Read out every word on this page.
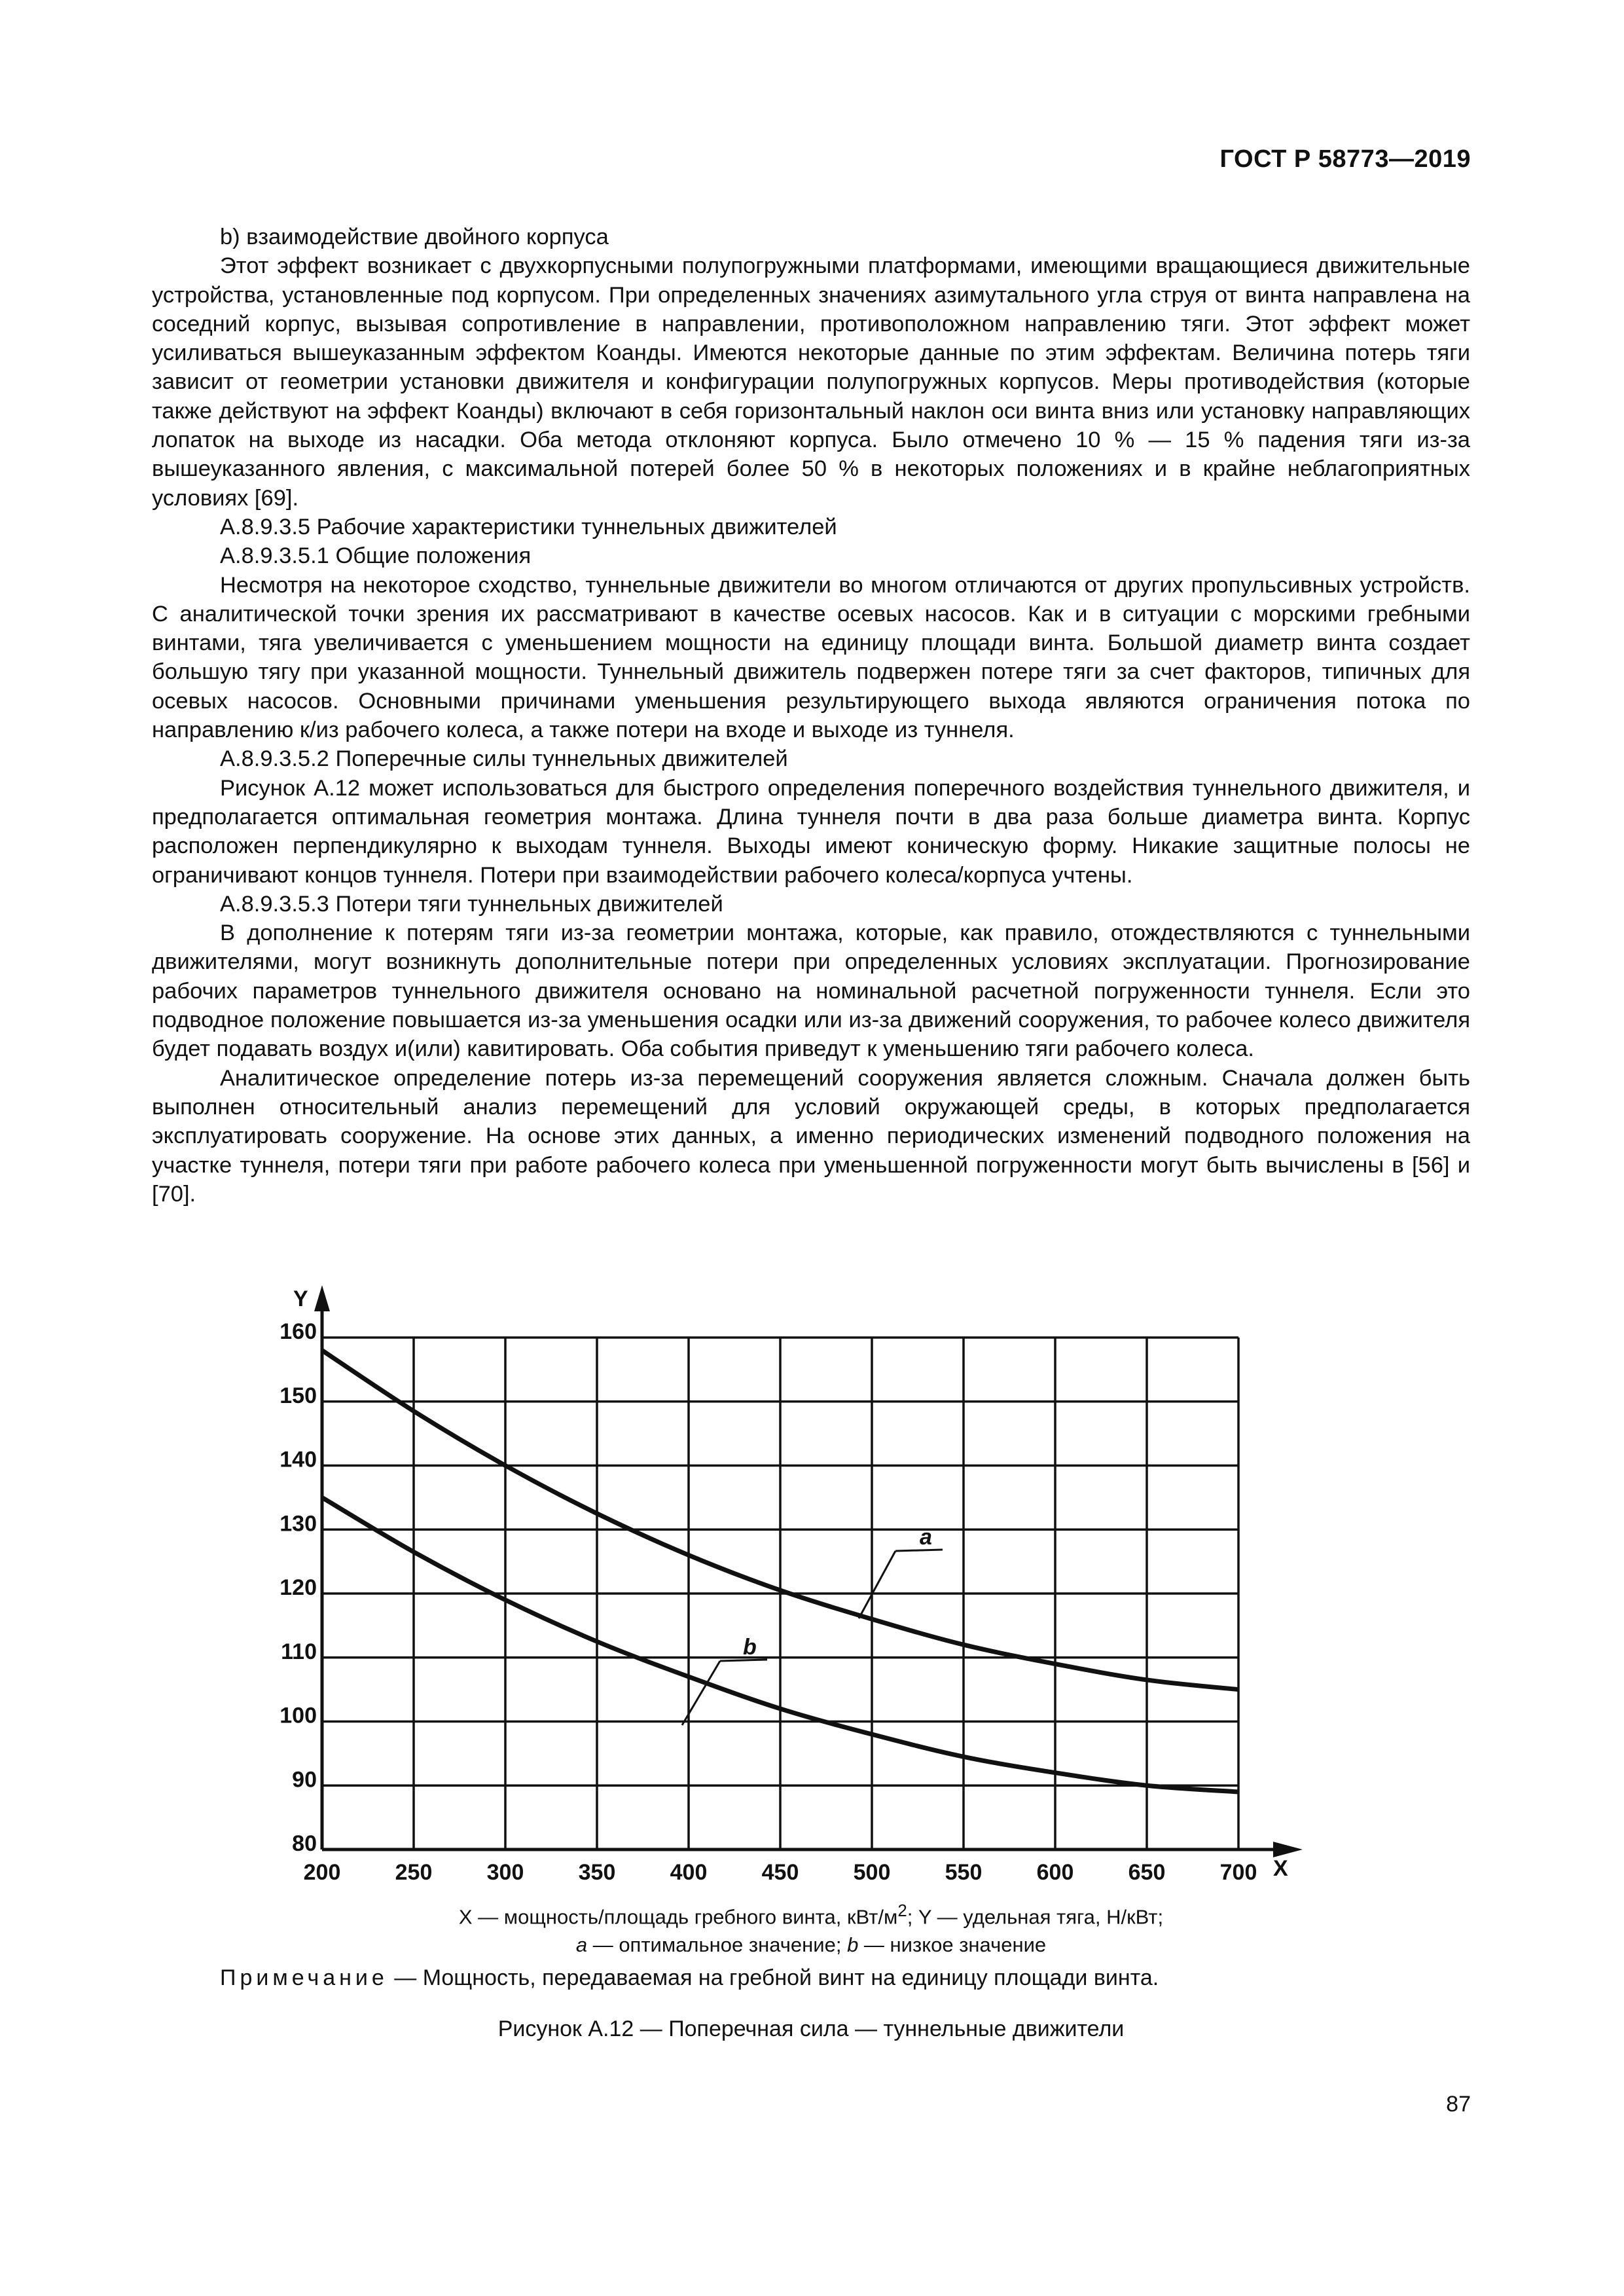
ГОСТ Р 58773—2019

b) взаимодействие двойного корпуса

Этот эффект возникает с двухкорпусными полупогружными платформами, имеющими вращающиеся движительные устройства, установленные под корпусом. При определенных значениях азимутального угла струя от винта направлена на соседний корпус, вызывая сопротивление в направлении, противоположном направлению тяги. Этот эффект может усиливаться вышеуказанным эффектом Коанды. Имеются некоторые данные по этим эффектам. Величина потерь тяги зависит от геометрии установки движителя и конфигурации полупогружных корпусов. Меры противодействия (которые также действуют на эффект Коанды) включают в себя горизонтальный наклон оси винта вниз или установку направляющих лопаток на выходе из насадки. Оба метода отклоняют корпуса. Было отмечено 10 % — 15 % падения тяги из-за вышеуказанного явления, с максимальной потерей более 50 % в некоторых положениях и в крайне неблагоприятных условиях [69].

А.8.9.3.5 Рабочие характеристики туннельных движителей

А.8.9.3.5.1 Общие положения

Несмотря на некоторое сходство, туннельные движители во многом отличаются от других пропульсивных устройств. С аналитической точки зрения их рассматривают в качестве осевых насосов. Как и в ситуации с морскими гребными винтами, тяга увеличивается с уменьшением мощности на единицу площади винта. Большой диаметр винта создает большую тягу при указанной мощности. Туннельный движитель подвержен потере тяги за счет факторов, типичных для осевых насосов. Основными причинами уменьшения результирующего выхода являются ограничения потока по направлению к/из рабочего колеса, а также потери на входе и выходе из туннеля.

А.8.9.3.5.2 Поперечные силы туннельных движителей

Рисунок А.12 может использоваться для быстрого определения поперечного воздействия туннельного движителя, и предполагается оптимальная геометрия монтажа. Длина туннеля почти в два раза больше диаметра винта. Корпус расположен перпендикулярно к выходам туннеля. Выходы имеют коническую форму. Никакие защитные полосы не ограничивают концов туннеля. Потери при взаимодействии рабочего колеса/корпуса учтены.

А.8.9.3.5.3 Потери тяги туннельных движителей

В дополнение к потерям тяги из-за геометрии монтажа, которые, как правило, отождествляются с туннельными движителями, могут возникнуть дополнительные потери при определенных условиях эксплуатации. Прогнозирование рабочих параметров туннельного движителя основано на номинальной расчетной погруженности туннеля. Если это подводное положение повышается из-за уменьшения осадки или из-за движений сооружения, то рабочее колесо движителя будет подавать воздух и(или) кавитировать. Оба события приведут к уменьшению тяги рабочего колеса.

Аналитическое определение потерь из-за перемещений сооружения является сложным. Сначала должен быть выполнен относительный анализ перемещений для условий окружающей среды, в которых предполагается эксплуатировать сооружение. На основе этих данных, а именно периодических изменений подводного положения на участке туннеля, потери тяги при работе рабочего колеса при уменьшенной погруженности могут быть вычислены в [56] и [70].

Y
X
80
90
100
110
120
130
140
150
160
200 250 300 350 400 450 500 550 600 650 700
a
b
X — мощность/площадь гребного винта, кВт/$м^2$; Y — удельная тяга, Н/кВт;
a — оптимальное значение; b — низкое значение
Примечание — Мощность, передаваемая на гребной винт на единицу площади винта.
Рисунок А.12 — Поперечная сила — туннельные движители
87
